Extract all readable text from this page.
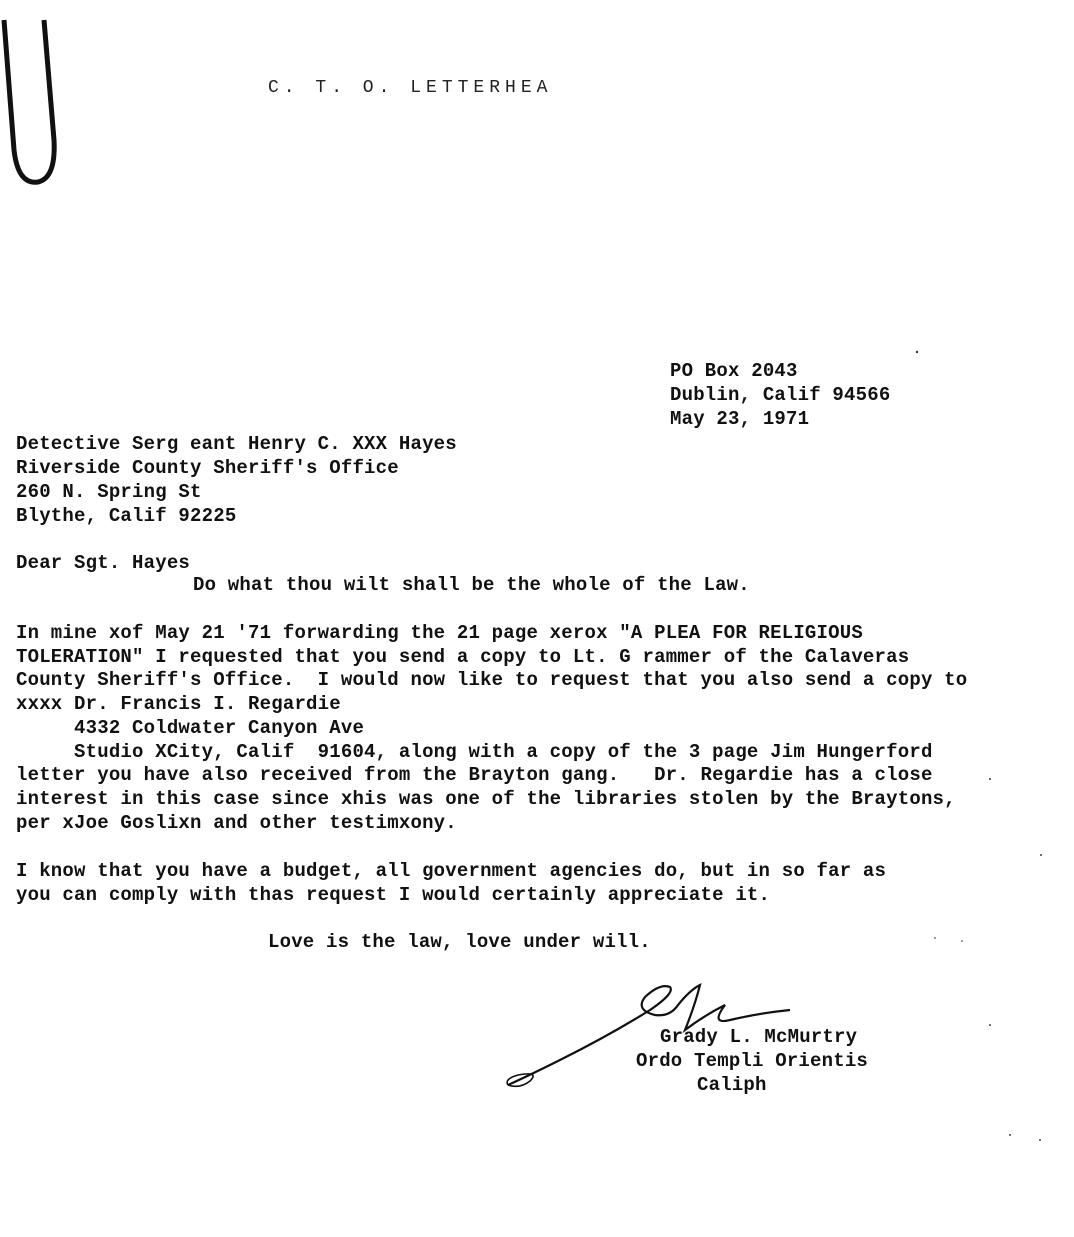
C. T. O. LETTERHEA
PO Box 2043
Dublin, Calif 94566
May 23, 1971
Detective Serg eant Henry C. XXX Hayes
Riverside County Sheriff's Office
260 N. Spring St
Blythe, Calif 92225
Dear Sgt. Hayes
Do what thou wilt shall be the whole of the Law.
In mine xof May 21 '71 forwarding the 21 page xerox "A PLEA FOR RELIGIOUS
TOLERATION" I requested that you send a copy to Lt. G rammer of the Calaveras
County Sheriff's Office.  I would now like to request that you also send a copy to
xxxx Dr. Francis I. Regardie
4332 Coldwater Canyon Ave
Studio XCity, Calif  91604, along with a copy of the 3 page Jim Hungerford
letter you have also received from the Brayton gang.   Dr. Regardie has a close
interest in this case since xhis was one of the libraries stolen by the Braytons,
per xJoe Goslixn and other testimxony.
I know that you have a budget, all government agencies do, but in so far as
you can comply with thas request I would certainly appreciate it.
Love is the law, love under will.
Grady L. McMurtry
Ordo Templi Orientis
Caliph
